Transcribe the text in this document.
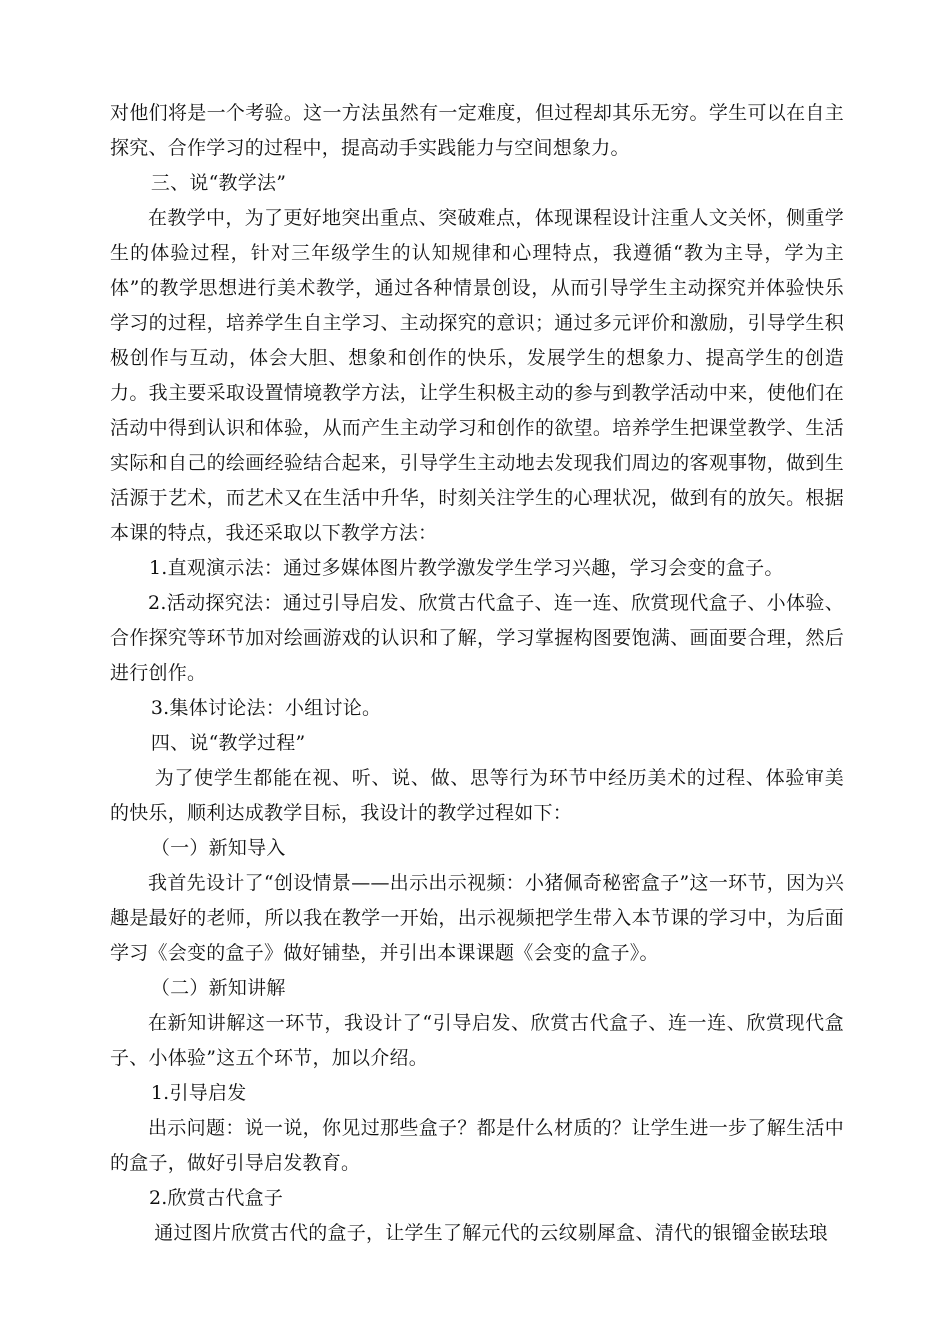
对他们将是一个考验。这一方法虽然有一定难度，但过程却其乐无穷。学生可以在自主探究、合作学习的过程中，提高动手实践能力与空间想象力。

三、说“教学法”

在教学中，为了更好地突出重点、突破难点，体现课程设计注重人文关怀，侧重学生的体验过程，针对三年级学生的认知规律和心理特点，我遵循“教为主导，学为主体”的教学思想进行美术教学，通过各种情景创设，从而引导学生主动探究并体验快乐学习的过程，培养学生自主学习、主动探究的意识；通过多元评价和激励，引导学生积极创作与互动，体会大胆、想象和创作的快乐，发展学生的想象力、提高学生的创造力。我主要采取设置情境教学方法，让学生积极主动的参与到教学活动中来，使他们在活动中得到认识和体验，从而产生主动学习和创作的欲望。培养学生把课堂教学、生活实际和自己的绘画经验结合起来，引导学生主动地去发现我们周边的客观事物，做到生活源于艺术，而艺术又在生活中升华，时刻关注学生的心理状况，做到有的放矢。根据本课的特点，我还采取以下教学方法：

1.直观演示法：通过多媒体图片教学激发学生学习兴趣，学习会变的盒子。

2.活动探究法：通过引导启发、欣赏古代盒子、连一连、欣赏现代盒子、小体验、合作探究等环节加对绘画游戏的认识和了解，学习掌握构图要饱满、画面要合理，然后进行创作。

3.集体讨论法：小组讨论。

四、说“教学过程”

为了使学生都能在视、听、说、做、思等行为环节中经历美术的过程、体验审美的快乐，顺利达成教学目标，我设计的教学过程如下：

（一）新知导入

我首先设计了“创设情景——出示出示视频：小猪佩奇秘密盒子”这一环节，因为兴趣是最好的老师，所以我在教学一开始，出示视频把学生带入本节课的学习中，为后面学习《会变的盒子》做好铺垫，并引出本课课题《会变的盒子》。

（二）新知讲解

在新知讲解这一环节，我设计了“引导启发、欣赏古代盒子、连一连、欣赏现代盒子、小体验”这五个环节，加以介绍。

1.引导启发

出示问题：说一说，你见过那些盒子？都是什么材质的？让学生进一步了解生活中的盒子，做好引导启发教育。

2.欣赏古代盒子

通过图片欣赏古代的盒子，让学生了解元代的云纹剔犀盒、清代的银镏金嵌珐琅
